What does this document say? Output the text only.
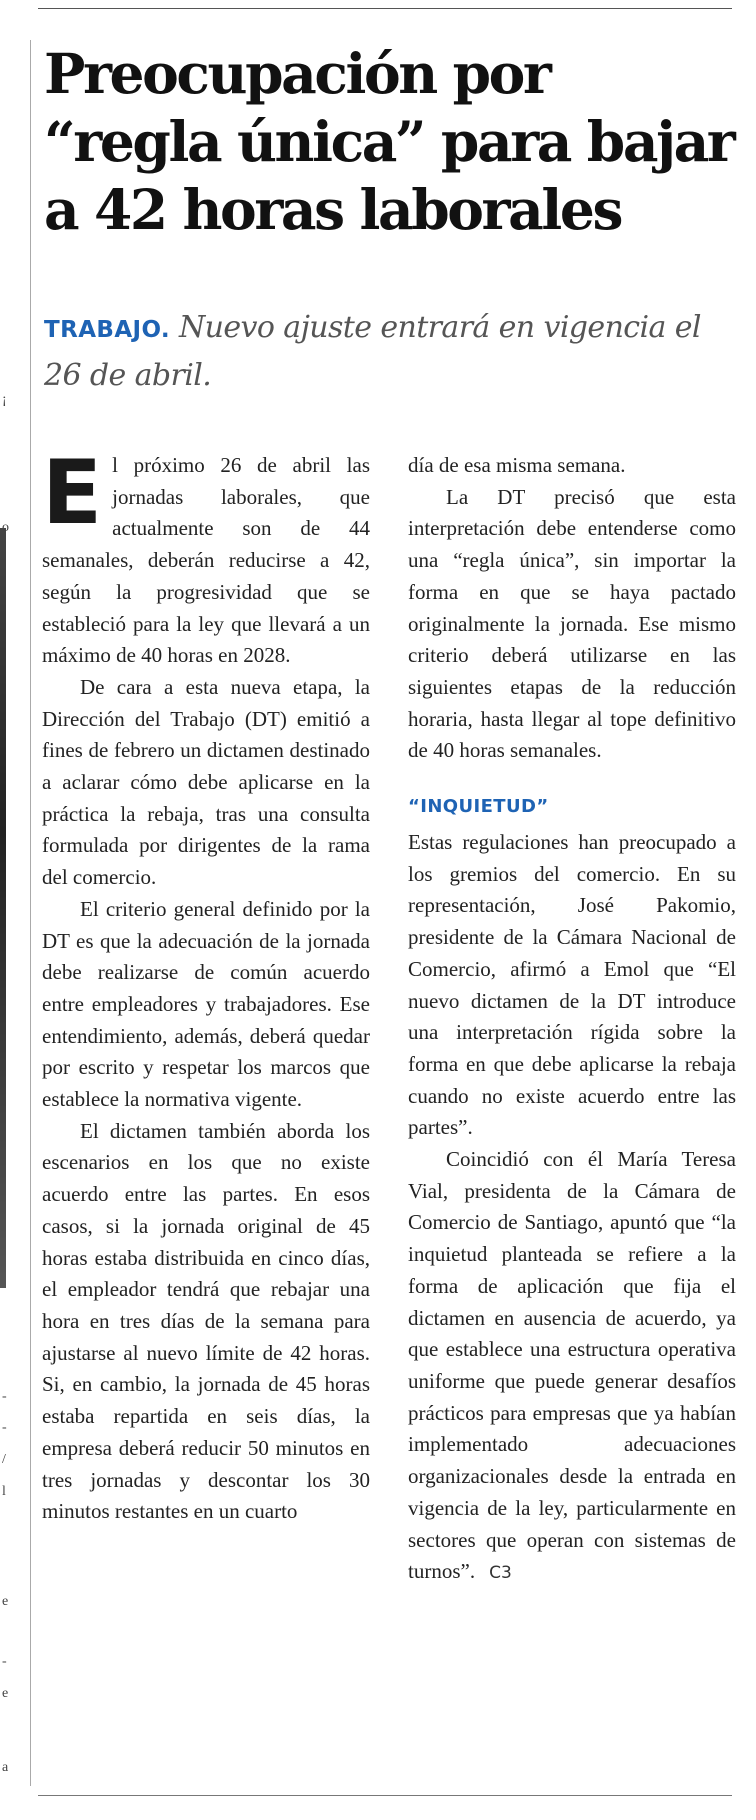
¡
o
-
-
/
l
e
-
e
a
Preocupación por
“regla única” para bajar
a 42 horas laborales

TRABAJO. Nuevo ajuste entrará en vigencia el 26 de abril.

El próximo 26 de abril las jornadas laborales, que actualmente son de 44 semanales, deberán reducirse a 42, según la progresividad que se estableció para la ley que llevará a un máximo de 40 horas en 2028.

De cara a esta nueva etapa, la Dirección del Trabajo (DT) emitió a fines de febrero un dictamen destinado a aclarar cómo debe aplicarse en la práctica la rebaja, tras una consulta formulada por dirigentes de la rama del comercio.

El criterio general definido por la DT es que la adecuación de la jornada debe realizarse de común acuerdo entre empleadores y trabajadores. Ese entendimiento, además, deberá quedar por escrito y respetar los marcos que establece la normativa vigente.

El dictamen también aborda los escenarios en los que no existe acuerdo entre las partes. En esos casos, si la jornada original de 45 horas estaba distribuida en cinco días, el empleador tendrá que rebajar una hora en tres días de la semana para ajustarse al nuevo límite de 42 horas. Si, en cambio, la jornada de 45 horas estaba repartida en seis días, la empresa deberá reducir 50 minutos en tres jornadas y descontar los 30 minutos restantes en un cuarto

día de esa misma semana.

La DT precisó que esta interpretación debe entenderse como una “regla única”, sin importar la forma en que se haya pactado originalmente la jornada. Ese mismo criterio deberá utilizarse en las siguientes etapas de la reducción horaria, hasta llegar al tope definitivo de 40 horas semanales.

“INQUIETUD”

Estas regulaciones han preocupado a los gremios del comercio. En su representación, José Pakomio, presidente de la Cámara Nacional de Comercio, afirmó a Emol que “El nuevo dictamen de la DT introduce una interpretación rígida sobre la forma en que debe aplicarse la rebaja cuando no existe acuerdo entre las partes”.

Coincidió con él María Teresa Vial, presidenta de la Cámara de Comercio de Santiago, apuntó que “la inquietud planteada se refiere a la forma de aplicación que fija el dictamen en ausencia de acuerdo, ya que establece una estructura operativa uniforme que puede generar desafíos prácticos para empresas que ya habían implementado adecuaciones organizacionales desde la entrada en vigencia de la ley, particularmente en sectores que operan con sistemas de turnos”. C3
